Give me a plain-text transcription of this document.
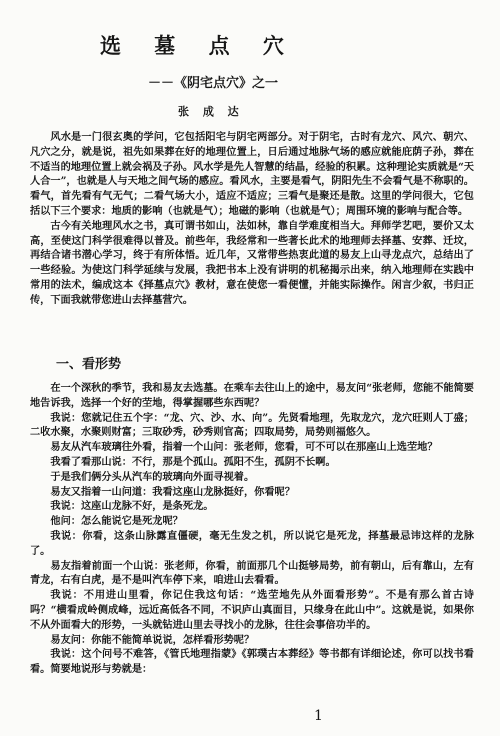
选 墓 点 穴
－－《阴宅点穴》之一
张 成 达

风水是一门很玄奥的学问，它包括阳宅与阴宅两部分。对于阴宅，古时有龙穴、风穴、朝穴、凡穴之分，就是说，祖先如果葬在好的地理位置上，日后通过地脉气场的感应就能庇荫子孙，葬在不适当的地理位置上就会祸及子孙。风水学是先人智慧的结晶，经验的积累。这种理论实质就是“天人合一”，也就是人与天地之间气场的感应。看风水，主要是看气，阴阳先生不会看气是不称职的。看气，首先看有气无气；二看气场大小，适应不适应；三看气是聚还是散。这里的学问很大，它包括以下三个要求：地质的影响（也就是气）；地磁的影响（也就是气）；周围环境的影响与配合等。

古今有关地理风水之书，真可谓书如山，法如林，靠自学难度相当大。拜师学艺吧，要价又太高，至使这门科学很难得以普及。前些年，我经常和一些著长此术的地理师去择墓、安葬、迁坟，再结合诸书潜心学习，终于有所体悟。近几年，又常带些热衷此道的易友上山寻龙点穴，总结出了一些经验。为使这门科学延续与发展，我把书本上没有讲明的机秘揭示出来，纳入地理师在实践中常用的法术，编成这本《择墓点穴》教材，意在使您一看便懂，并能实际操作。闲言少叙，书归正传，下面我就带您进山去择墓营穴。

一、看形势

在一个深秋的季节，我和易友去选墓。在乘车去往山上的途中，易友问“张老师，您能不能简要地告诉我，选择一个好的茔地，得掌握哪些东西呢？

我说：您就记住五个字：“龙、穴、沙、水、向”。先贤看地理，先取龙穴，龙穴旺则人丁盛；二收水聚，水聚则财富；三取砂秀，砂秀则官高；四取局势，局势则福悠久。

易友从汽车玻璃往外看，指着一个山问：张老师，您看，可不可以在那座山上选茔地？

我看了看那山说：不行，那是个孤山。孤阳不生，孤阴不长啊。

于是我们俩分头从汽车的玻璃向外面寻视着。

易友又指着一山问道：我看这座山龙脉挺好，你看呢？

我说：这座山龙脉不好，是条死龙。

他问：怎么能说它是死龙呢？

我说：你看，这条山脉露直僵硬，毫无生发之机，所以说它是死龙，择墓最忌讳这样的龙脉了。

易友指着前面一个山说：张老师，你看，前面那几个山挺够局势，前有朝山，后有靠山，左有青龙，右有白虎，是不是叫汽车停下来，咱进山去看看。

我说：不用进山里看，你记住我这句话：“选茔地先从外面看形势”。不是有那么首古诗吗？“横看成岭侧成峰，远近高低各不同，不识庐山真面目，只缘身在此山中”。这就是说，如果你不从外面看大的形势，一头就钻进山里去寻找小的龙脉，往往会事倍功半的。

易友问：你能不能简单说说，怎样看形势呢？

我说：这个问号不难答，《管氏地理指蒙》《郭璞古本葬经》等书都有详细论述，你可以找书看看。简要地说形与势就是：

1
